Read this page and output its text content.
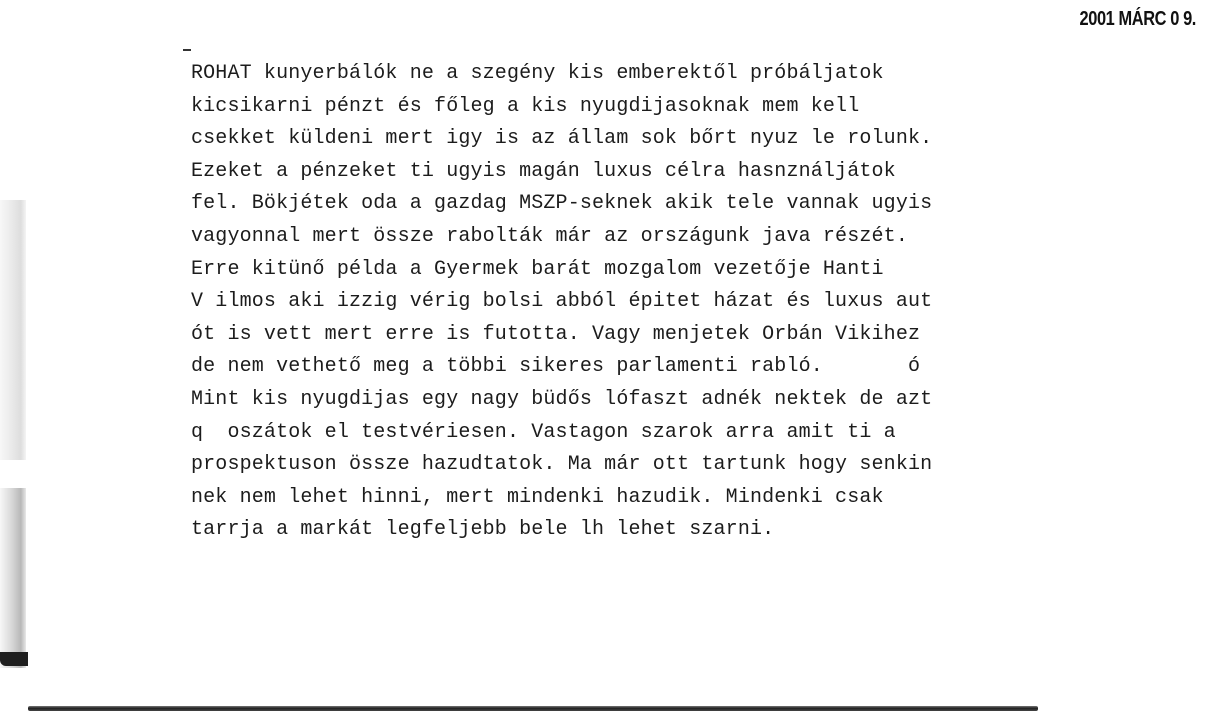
2001 MÁRC 0 9.
ROHAT kunyerbálók ne a szegény kis emberektől próbáljatok
kicsikarni pénzt és főleg a kis nyugdijasoknak mem kell
csekket küldeni mert igy is az állam sok bőrt nyuz le rolunk.
Ezeket a pénzeket ti ugyis magán luxus célra hasnználjátok
fel. Bökjétek oda a gazdag MSZP-seknek akik tele vannak ugyis
vagyonnal mert össze rabolták már az országunk java részét.
Erre kitünő példa a Gyermek barát mozgalom vezetője Hanti
V ilmos aki izzig vérig bolsi abból épitet házat és luxus aut
ót is vett mert erre is futotta. Vagy menjetek Orbán Vikihez
de nem vethető meg a többi sikeres parlamenti rabló.       ó
Mint kis nyugdijas egy nagy büdős lófaszt adnék nektek de azt
q  oszátok el testvériesen. Vastagon szarok arra amit ti a
prospektuson össze hazudtatok. Ma már ott tartunk hogy senkin
nek nem lehet hinni, mert mindenki hazudik. Mindenki csak
tarrja a markát legfeljebb bele lh lehet szarni.
